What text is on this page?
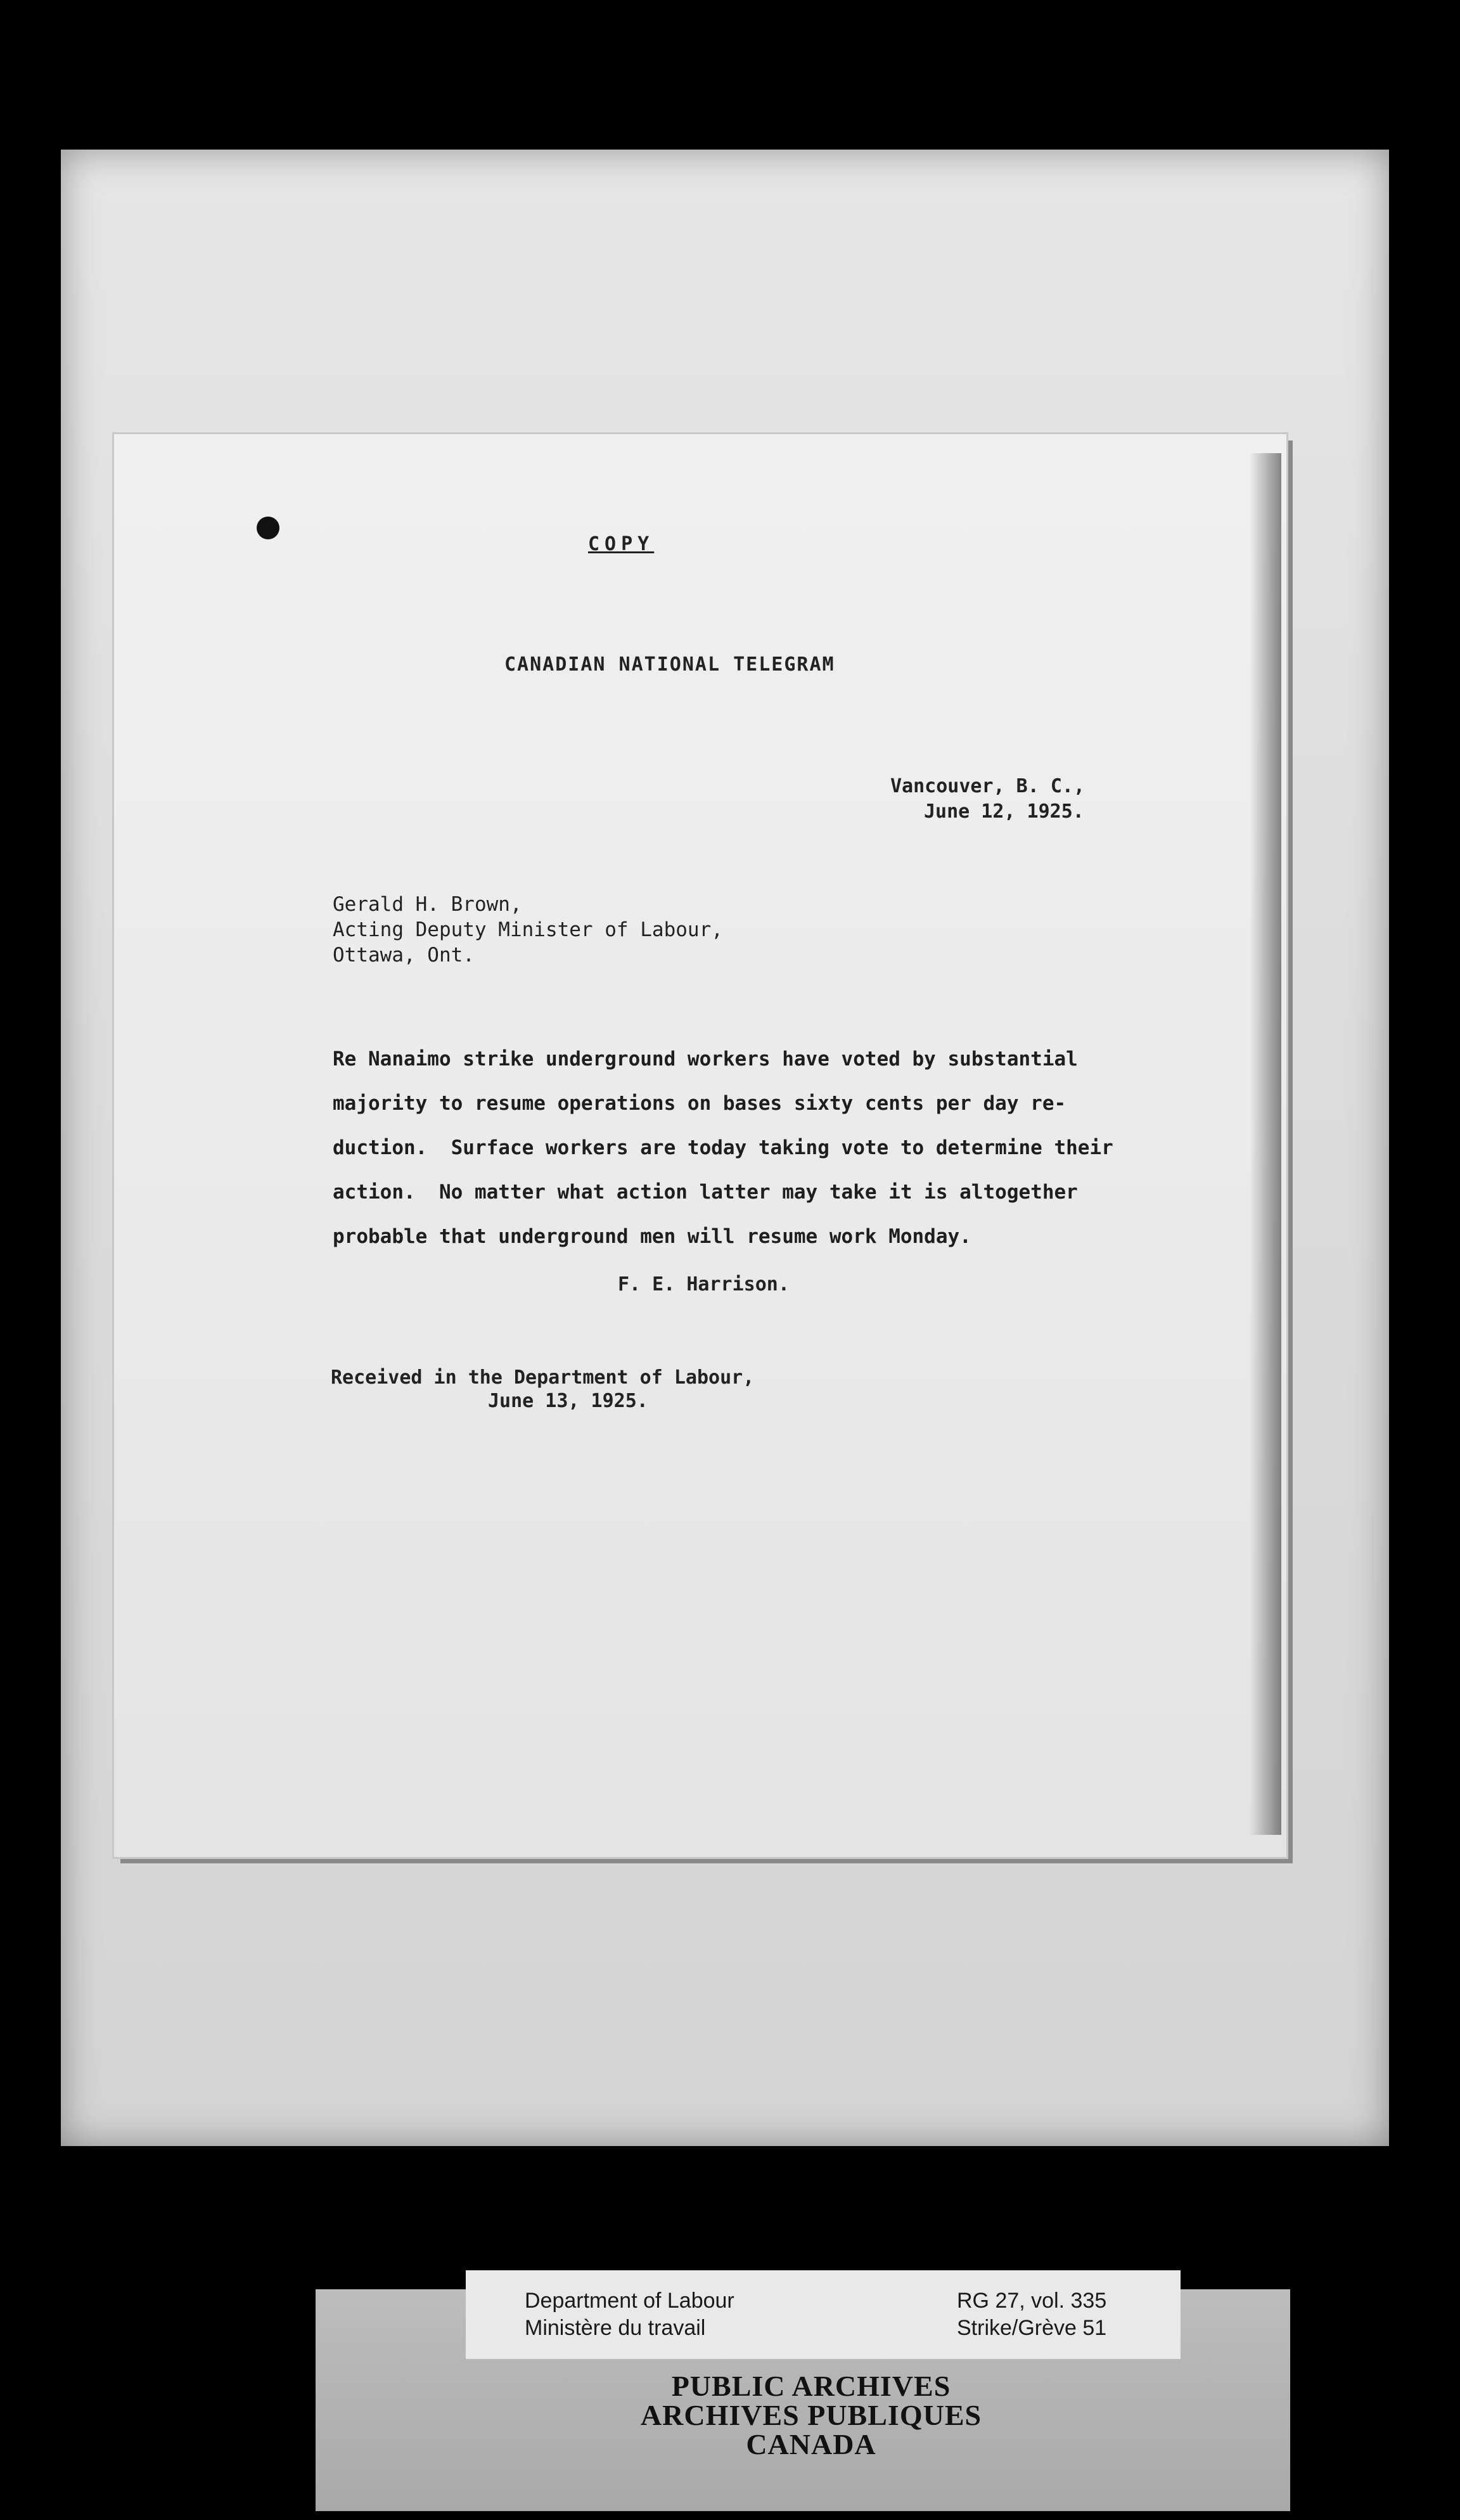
COPY
CANADIAN NATIONAL TELEGRAM
Vancouver, B. C.,
June 12, 1925.
Gerald H. Brown,
Acting Deputy Minister of Labour,
Ottawa, Ont.
Re Nanaimo strike underground workers have voted by substantial
majority to resume operations on bases sixty cents per day re-
duction.  Surface workers are today taking vote to determine their
action.  No matter what action latter may take it is altogether
probable that underground men will resume work Monday.
F. E. Harrison.
Received in the Department of Labour,
June 13, 1925.
Department of Labour
Ministère du travail
RG 27, vol. 335
Strike/Grève 51
PUBLIC ARCHIVES
ARCHIVES PUBLIQUES
CANADA
